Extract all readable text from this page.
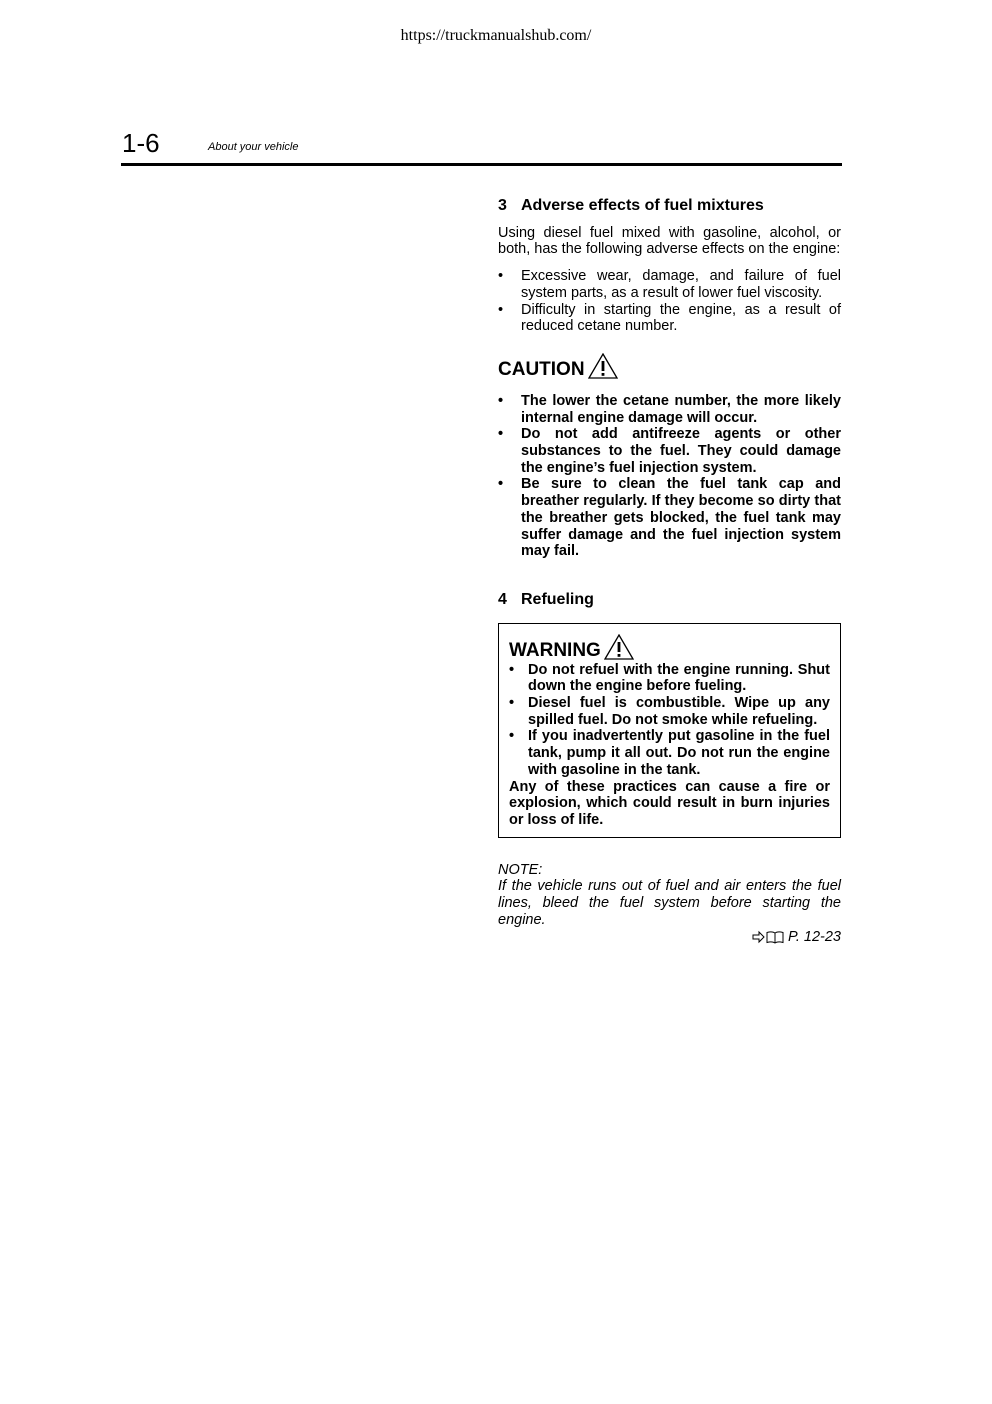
https://truckmanualshub.com/
1-6	About your vehicle
3 Adverse effects of fuel mixtures

Using diesel fuel mixed with gasoline, alcohol, or both, has the following adverse effects on the engine:

• Excessive wear, damage, and failure of fuel system parts, as a result of lower fuel viscosity.
• Difficulty in starting the engine, as a result of reduced cetane number.
CAUTION
• The lower the cetane number, the more likely internal engine damage will occur.
• Do not add antifreeze agents or other substances to the fuel. They could damage the engine’s fuel injection system.
• Be sure to clean the fuel tank cap and breather regularly. If they become so dirty that the breather gets blocked, the fuel tank may suffer damage and the fuel injection system may fail.
4 Refueling
WARNING
• Do not refuel with the engine running. Shut down the engine before fueling.
• Diesel fuel is combustible. Wipe up any spilled fuel. Do not smoke while refueling.
• If you inadvertently put gasoline in the fuel tank, pump it all out. Do not run the engine with gasoline in the tank.
Any of these practices can cause a fire or explosion, which could result in burn injuries or loss of life.
NOTE:

If the vehicle runs out of fuel and air enters the fuel lines, bleed the fuel system before starting the engine.

P. 12-23
